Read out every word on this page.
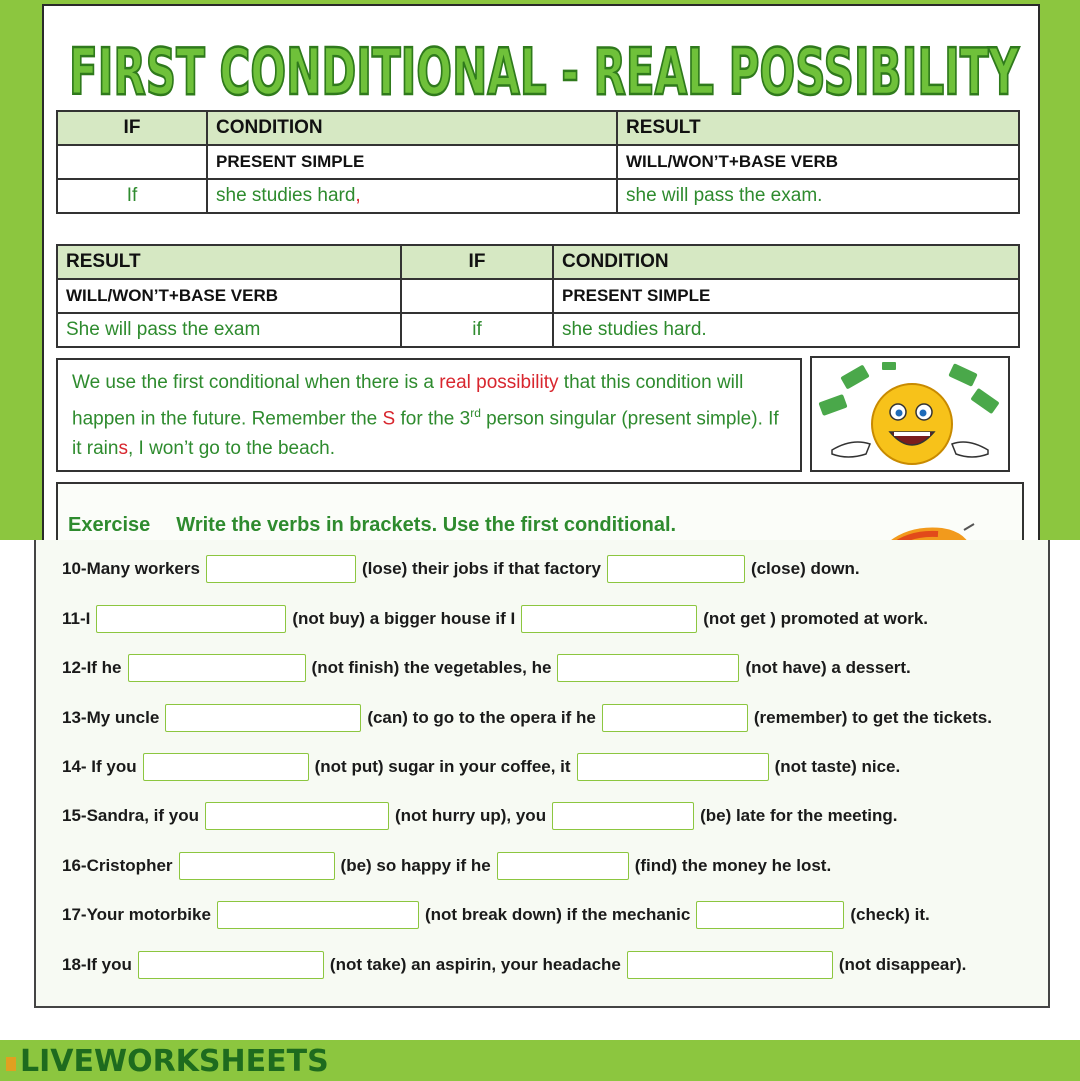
FIRST CONDITIONAL - REAL POSSIBILITY
IF	CONDITION	RESULT
	PRESENT SIMPLE	WILL/WON’T+BASE VERB
If	she studies hard,	she will pass the exam.
RESULT	IF	CONDITION
WILL/WON’T+BASE VERB		PRESENT SIMPLE
She will pass the exam	if	she studies hard.
We use the first conditional when there is a real possibility that this condition will happen in the future. Remember the S for the 3rd person singular (present simple). If it rains, I won’t go to the beach.
Exercise Write the verbs in brackets. Use the first conditional.
10-Many workers	(lose) their jobs if that factory	(close) down.
11-I	(not buy) a bigger house if I	(not get ) promoted at work.
12-If he	(not finish) the vegetables, he	(not have) a dessert.
13-My uncle	(can) to go to the opera if he	(remember) to get the tickets.
14- If you	(not put) sugar in your coffee, it	(not taste) nice.
15-Sandra, if you	(not hurry up), you	(be) late for the meeting.
16-Cristopher	(be) so happy if he	(find) the money he lost.
17-Your motorbike	(not break down) if the mechanic	(check) it.
18-If you	(not take) an aspirin, your headache	(not disappear).
LIVEWORKSHEETS
